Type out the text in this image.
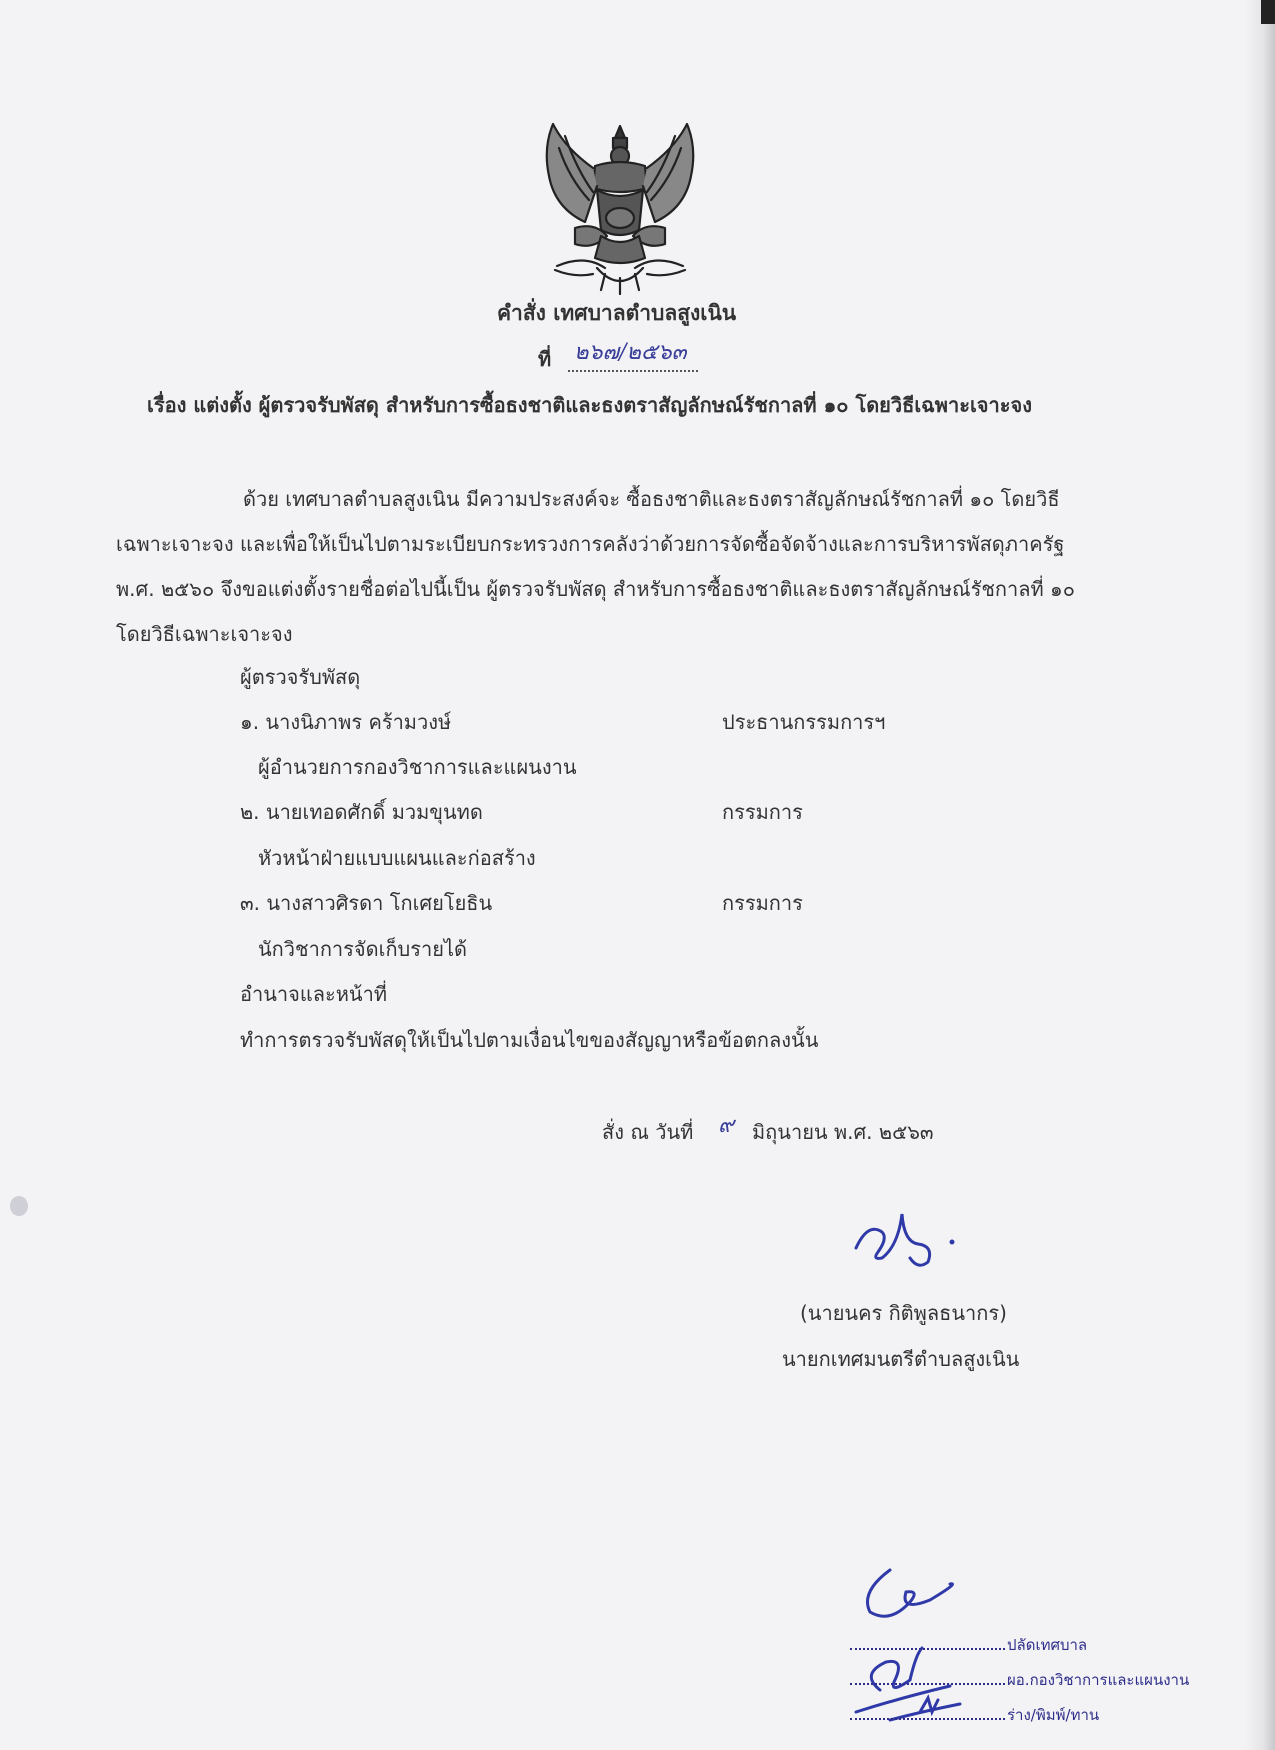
คำสั่ง เทศบาลตำบลสูงเนิน
ที่ ๒๖๗/๒๕๖๓
เรื่อง แต่งตั้ง ผู้ตรวจรับพัสดุ สำหรับการซื้อธงชาติและธงตราสัญลักษณ์รัชกาลที่ ๑๐ โดยวิธีเฉพาะเจาะจง
ด้วย เทศบาลตำบลสูงเนิน มีความประสงค์จะ ซื้อธงชาติและธงตราสัญลักษณ์รัชกาลที่ ๑๐ โดยวิธี
เฉพาะเจาะจง และเพื่อให้เป็นไปตามระเบียบกระทรวงการคลังว่าด้วยการจัดซื้อจัดจ้างและการบริหารพัสดุภาครัฐ
พ.ศ. ๒๕๖๐ จึงขอแต่งตั้งรายชื่อต่อไปนี้เป็น ผู้ตรวจรับพัสดุ สำหรับการซื้อธงชาติและธงตราสัญลักษณ์รัชกาลที่ ๑๐
โดยวิธีเฉพาะเจาะจง
ผู้ตรวจรับพัสดุ
๑. นางนิภาพร คร้ามวงษ์	ประธานกรรมการฯ
ผู้อำนวยการกองวิชาการและแผนงาน
๒. นายเทอดศักดิ์ มวมขุนทด	กรรมการ
หัวหน้าฝ่ายแบบแผนและก่อสร้าง
๓. นางสาวศิรดา โกเศยโยธิน	กรรมการ
นักวิชาการจัดเก็บรายได้
อำนาจและหน้าที่
ทำการตรวจรับพัสดุให้เป็นไปตามเงื่อนไขของสัญญาหรือข้อตกลงนั้น
สั่ง ณ วันที่ ๙ มิถุนายน พ.ศ. ๒๕๖๓
(นายนคร กิติพูลธนากร)
นายกเทศมนตรีตำบลสูงเนิน
ปลัดเทศบาล
ผอ.กองวิชาการและแผนงาน
ร่าง/พิมพ์/ทาน
